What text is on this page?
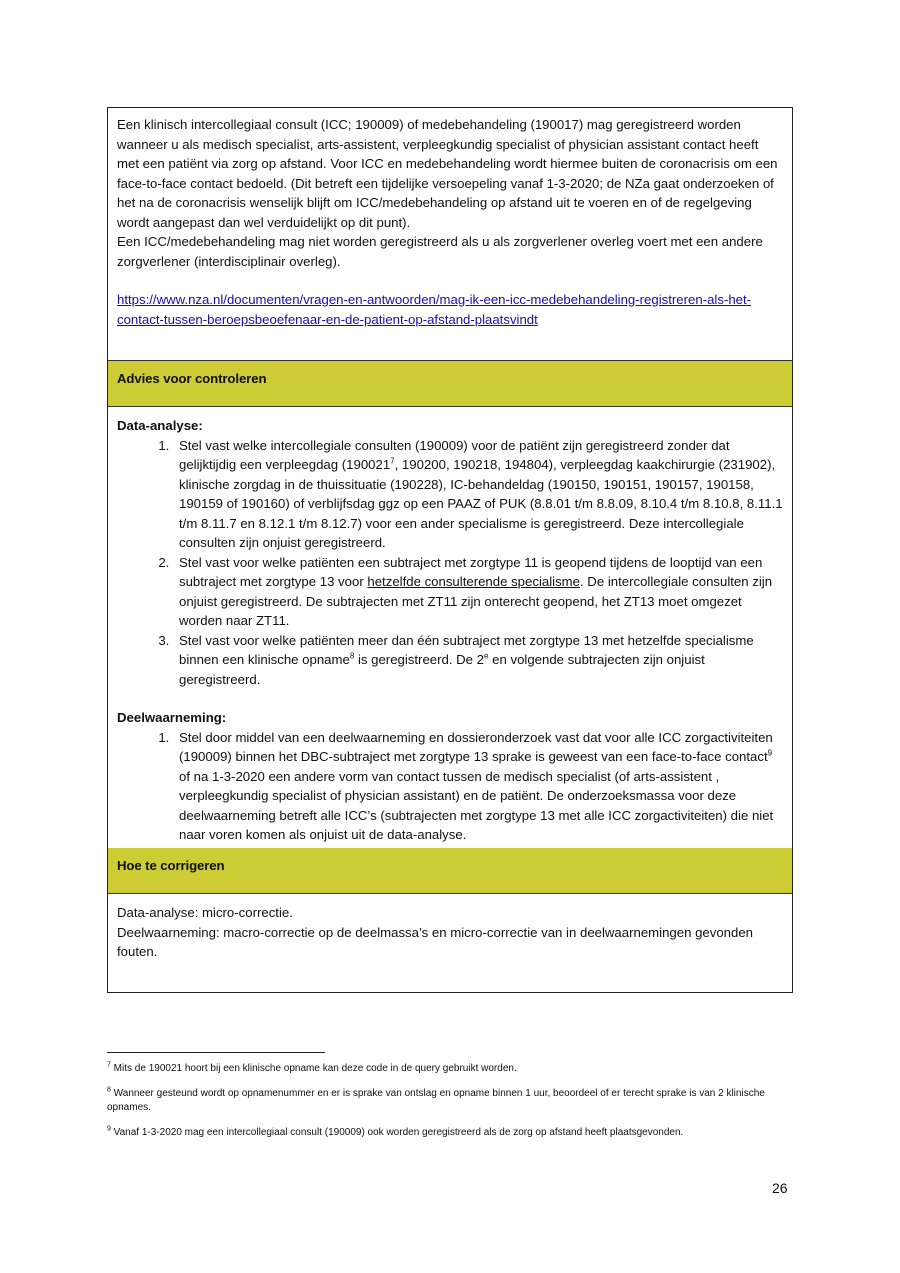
Een klinisch intercollegiaal consult (ICC; 190009) of medebehandeling (190017) mag geregistreerd worden wanneer u als medisch specialist, arts-assistent, verpleegkundig specialist of physician assistant contact heeft met een patiënt via zorg op afstand. Voor ICC en medebehandeling wordt hiermee buiten de coronacrisis om een face-to-face contact bedoeld. (Dit betreft een tijdelijke versoepeling vanaf 1-3-2020; de NZa gaat onderzoeken of het na de coronacrisis wenselijk blijft om ICC/medebehandeling op afstand uit te voeren en of de regelgeving wordt aangepast dan wel verduidelijkt op dit punt).

Een ICC/medebehandeling mag niet worden geregistreerd als u als zorgverlener overleg voert met een andere zorgverlener (interdisciplinair overleg).

https://www.nza.nl/documenten/vragen-en-antwoorden/mag-ik-een-icc-medebehandeling-registreren-als-het-contact-tussen-beroepsbeoefenaar-en-de-patient-op-afstand-plaatsvindt

Advies voor controleren

Data-analyse:

1. Stel vast welke intercollegiale consulten (190009) voor de patiënt zijn geregistreerd zonder dat gelijktijdig een verpleegdag (190021$^7$, 190200, 190218, 194804), verpleegdag kaakchirurgie (231902), klinische zorgdag in de thuissituatie (190228), IC-behandeldag (190150, 190151, 190157, 190158, 190159 of 190160) of verblijfsdag ggz op een PAAZ of PUK (8.8.01 t/m 8.8.09, 8.10.4 t/m 8.10.8, 8.11.1 t/m 8.11.7 en 8.12.1 t/m 8.12.7) voor een ander specialisme is geregistreerd. Deze intercollegiale consulten zijn onjuist geregistreerd.
2. Stel vast voor welke patiënten een subtraject met zorgtype 11 is geopend tijdens de looptijd van een subtraject met zorgtype 13 voor hetzelfde consulterende specialisme. De intercollegiale consulten zijn onjuist geregistreerd. De subtrajecten met ZT11 zijn onterecht geopend, het ZT13 moet omgezet worden naar ZT11.
3. Stel vast voor welke patiënten meer dan één subtraject met zorgtype 13 met hetzelfde specialisme binnen een klinische opname$^8$ is geregistreerd. De 2e en volgende subtrajecten zijn onjuist geregistreerd.

Deelwaarneming:

1. Stel door middel van een deelwaarneming en dossieronderzoek vast dat voor alle ICC zorgactiviteiten (190009) binnen het DBC-subtraject met zorgtype 13 sprake is geweest van een face-to-face contact$^9$ of na 1-3-2020 een andere vorm van contact tussen de medisch specialist (of arts-assistent , verpleegkundig specialist of physician assistant) en de patiënt. De onderzoeksmassa voor deze deelwaarneming betreft alle ICC’s (subtrajecten met zorgtype 13 met alle ICC zorgactiviteiten) die niet naar voren komen als onjuist uit de data-analyse.
Hoe te corrigeren

Data-analyse: micro-correctie.

Deelwaarneming: macro-correctie op de deelmassa’s en micro-correctie van in deelwaarnemingen gevonden fouten.

$^7$ Mits de 190021 hoort bij een klinische opname kan deze code in de query gebruikt worden.

$^8$ Wanneer gesteund wordt op opnamenummer en er is sprake van ontslag en opname binnen 1 uur, beoordeel of er terecht sprake is van 2 klinische opnames.

$^9$ Vanaf 1-3-2020 mag een intercollegiaal consult (190009) ook worden geregistreerd als de zorg op afstand heeft plaatsgevonden.

26
